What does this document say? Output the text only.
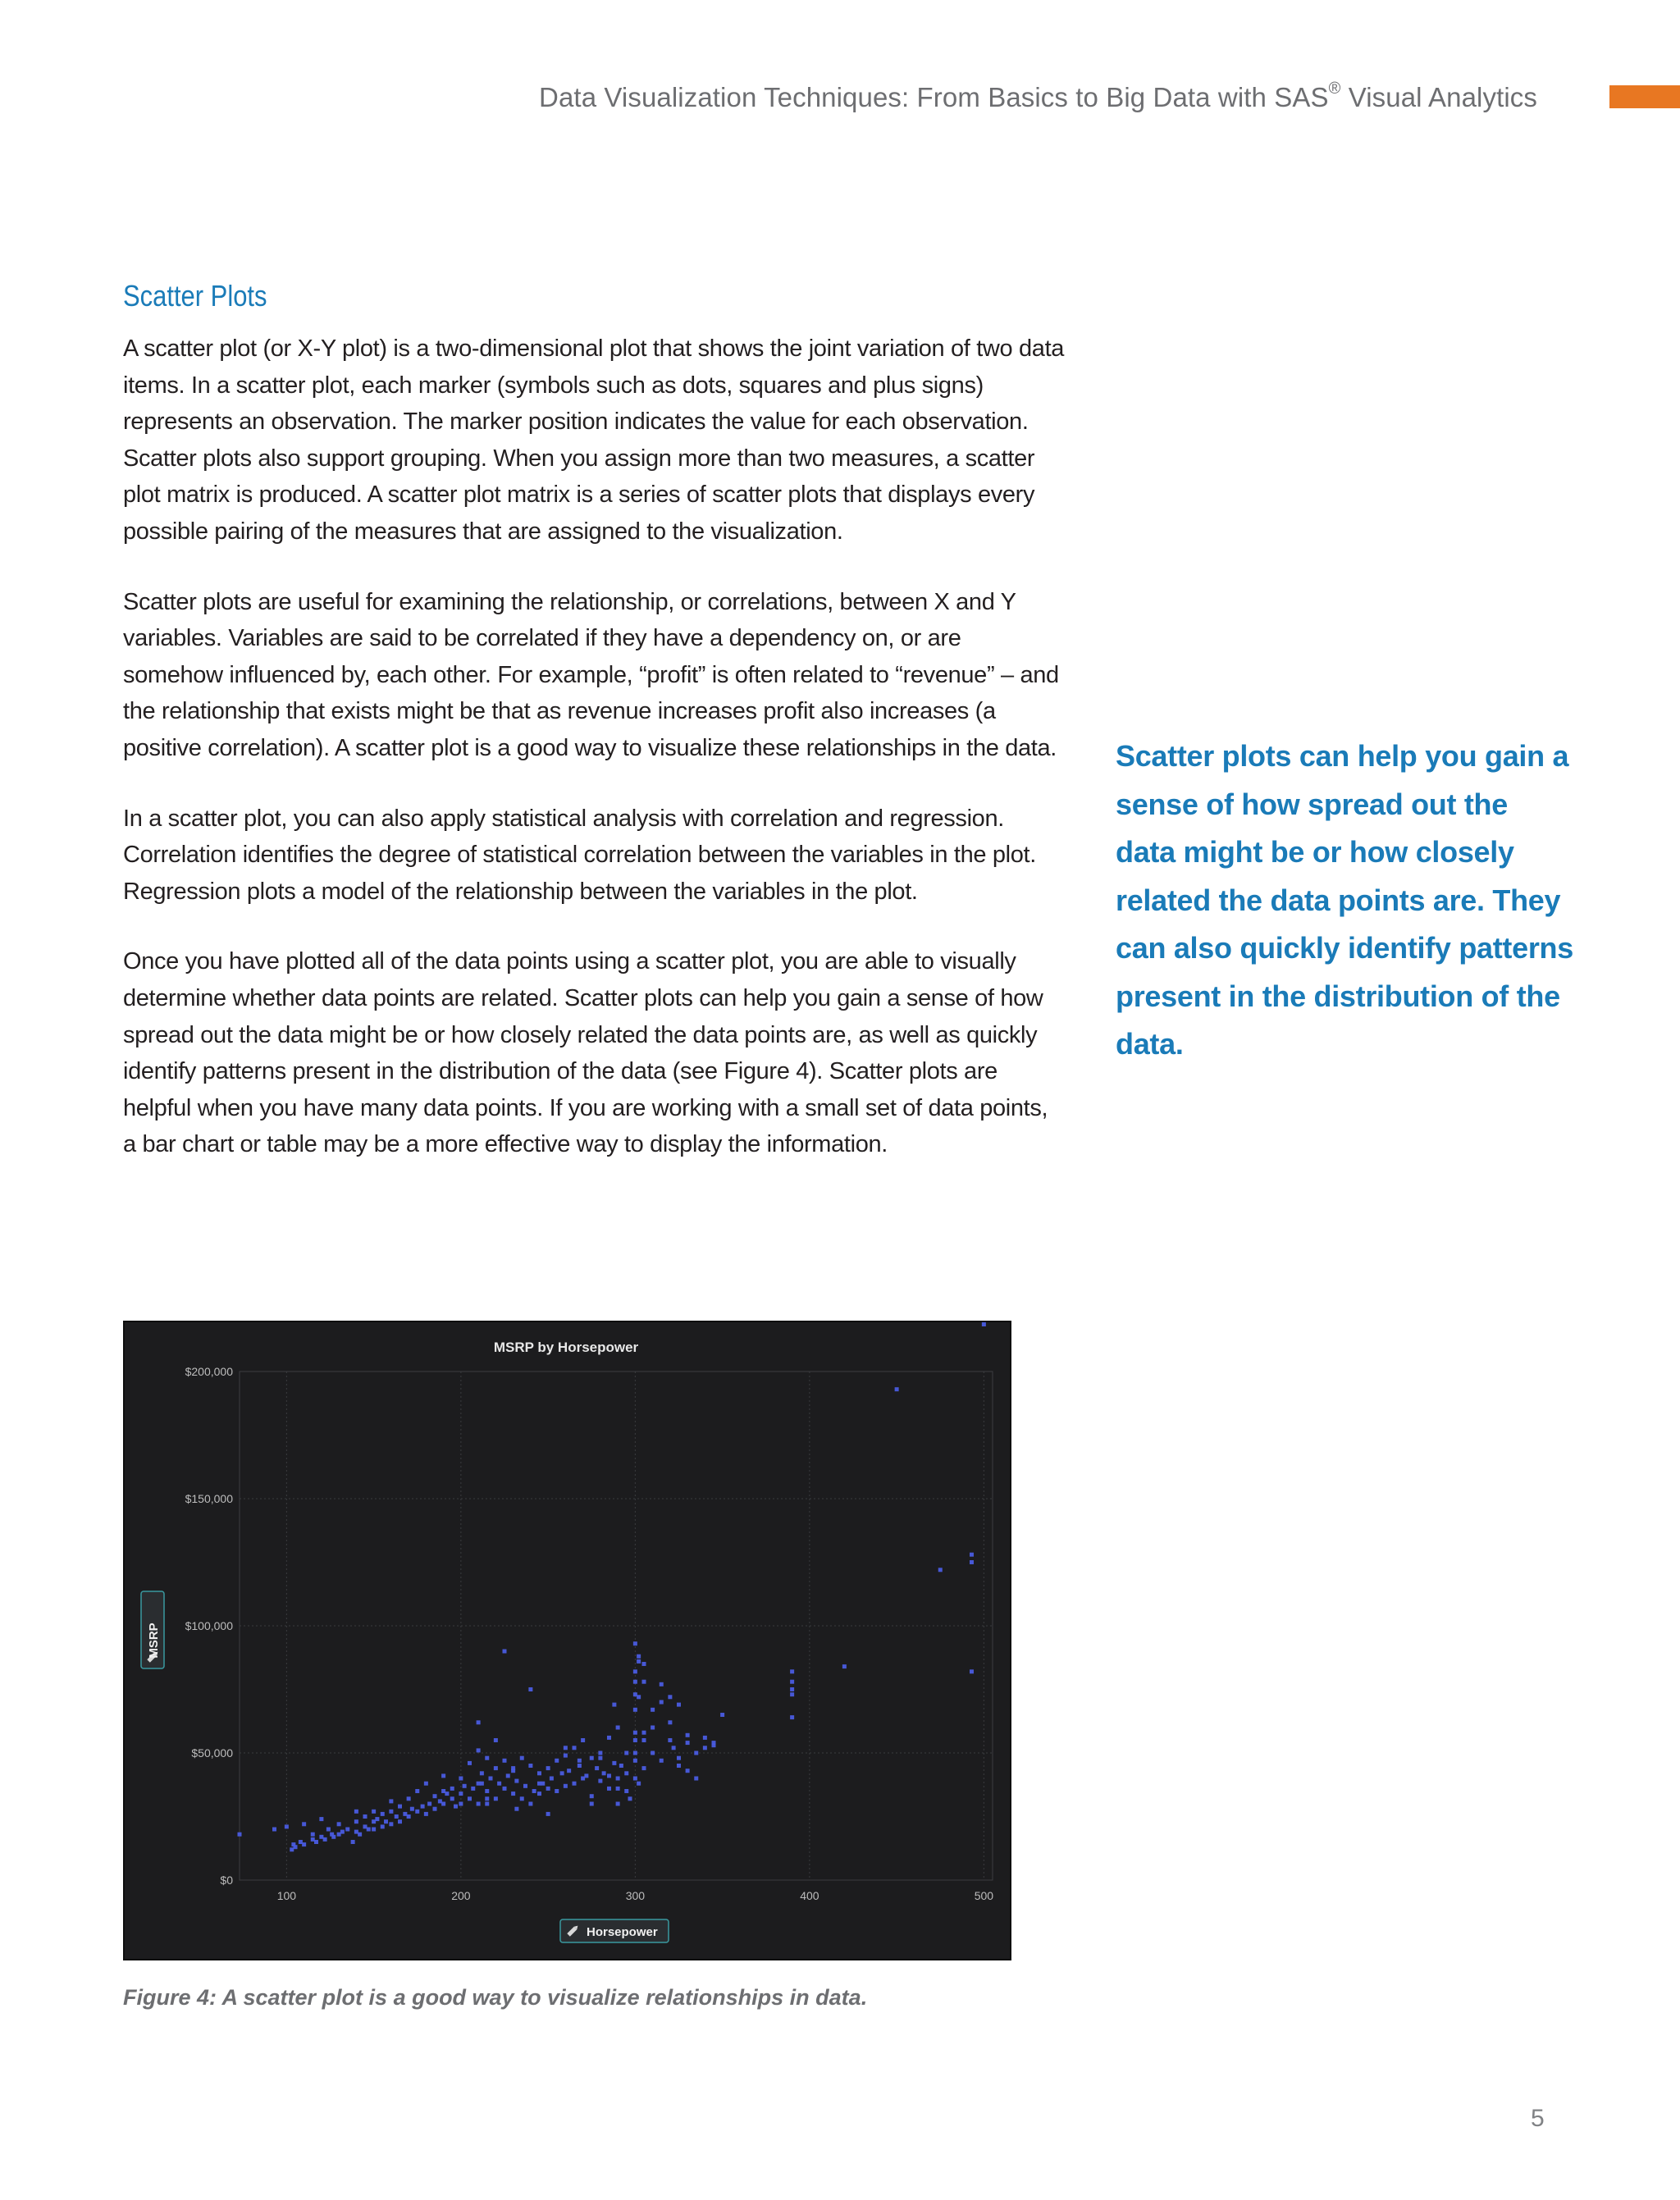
Data Visualization Techniques: From Basics to Big Data with SAS® Visual Analytics
Scatter Plots

A scatter plot (or X-Y plot) is a two-dimensional plot that shows the joint variation of two data items. In a scatter plot, each marker (symbols such as dots, squares and plus signs) represents an observation. The marker position indicates the value for each observation. Scatter plots also support grouping. When you assign more than two measures, a scatter plot matrix is produced. A scatter plot matrix is a series of scatter plots that displays every possible pairing of the measures that are assigned to the visualization.

Scatter plots are useful for examining the relationship, or correlations, between X and Y variables. Variables are said to be correlated if they have a dependency on, or are somehow influenced by, each other. For example, “profit” is often related to “revenue” – and the relationship that exists might be that as revenue increases profit also increases (a positive correlation). A scatter plot is a good way to visualize these relationships in the data.

In a scatter plot, you can also apply statistical analysis with correlation and regression. Correlation identifies the degree of statistical correlation between the variables in the plot. Regression plots a model of the relationship between the variables in the plot.

Once you have plotted all of the data points using a scatter plot, you are able to visually determine whether data points are related. Scatter plots can help you gain a sense of how spread out the data might be or how closely related the data points are, as well as quickly identify patterns present in the distribution of the data (see Figure 4). Scatter plots are helpful when you have many data points. If you are working with a small set of data points, a bar chart or table may be a more effective way to display the information.

Scatter plots can help you gain a sense of how spread out the data might be or how closely related the data points are. They can also quickly identify patterns present in the distribution of the data.
$0
$50,000
$100,000
$150,000
$200,000
100	200	300	400	500
MSRP by Horsepower
Horsepower
MSRP
Figure 4: A scatter plot is a good way to visualize relationships in data.
5
